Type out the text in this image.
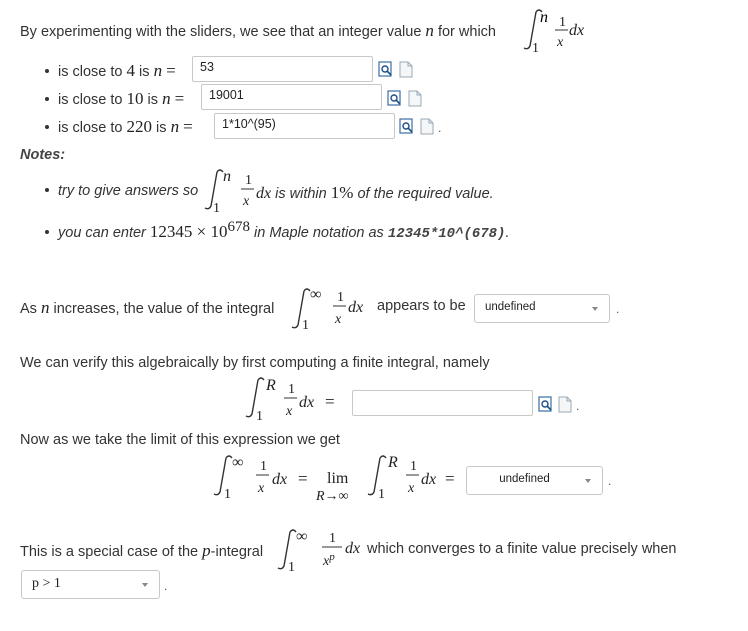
By experimenting with the sliders, we see that an integer value n for which
n
1
1
x
dx
is close to 4 is n =	53
is close to 10 is n =	19001
is close to 220 is n =	1*10^(95)	.
Notes:
try to give answers so
n
1
1
x dx is within 1% of the required value.
you can enter $12345 \times 10^{678}$ in Maple notation as 12345*10^(678).
As n increases, the value of the integral
∞
1
1
x
dx appears to be	undefined	.
We can verify this algebraically by first computing a finite integral, namely
R
1
1
x
dx =	.
Now as we take the limit of this expression we get
∞
1
1
x
dx = lim
R→∞
R
1
1
x
dx =	undefined	.
This is a special case of the p-integral
∞
1
1
$x^p$ dx which converges to a finite value precisely when
p > 1	.
